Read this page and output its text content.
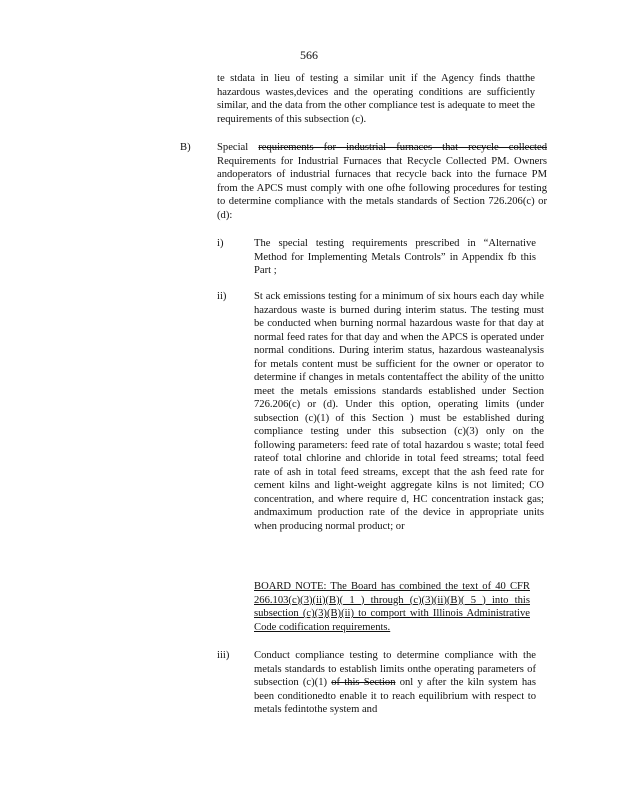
566
te stdata in lieu of testing a similar unit if the Agency finds thatthe hazardous wastes,devices and the operating conditions are sufficiently similar, and the data from the other compliance test is adequate to meet the requirements of this subsection (c).
B) Special requirements for industrial furnaces that recycle collected Requirements for Industrial Furnaces that Recycle Collected PM. Owners andoperators of industrial furnaces that recycle back into the furnace PM from the APCS must comply with one ofhe following procedures for testing to determine compliance with the metals standards of Section 726.206(c) or (d):
i)	The special testing requirements prescribed in “Alternative Method for Implementing Metals Controls” in Appendix fb this Part ;
ii)	St ack emissions testing for a minimum of six hours each day while hazardous waste is burned during interim status. The testing must be conducted when burning normal hazardous waste for that day at normal feed rates for that day and when the APCS is operated under normal conditions. During interim status, hazardous wasteanalysis for metals content must be sufficient for the owner or operator to determine if changes in metals contentaffect the ability of the unitto meet the metals emissions standards established under Section 726.206(c) or (d). Under this option, operating limits (under subsection (c)(1) of this Section ) must be established during compliance testing under this subsection (c)(3) only on the following parameters: feed rate of total hazardou s waste; total feed rateof total chlorine and chloride in total feed streams; total feed rate of ash in total feed streams, except that the ash feed rate for cement kilns and light-weight aggregate kilns is not limited; CO concentration, and where require d, HC concentration instack gas; andmaximum production rate of the device in appropriate units when producing normal product; or
BOARD NOTE: The Board has combined the text of 40 CFR 266.103(c)(3)(ii)(B)( 1 ) through (c)(3)(ii)(B)( 5 ) into this subsection (c)(3)(B)(ii) to comport with Illinois Administrative Code codification requirements.
iii) Conduct compliance testing to determine compliance with the metals standards to establish limits onthe operating parameters of subsection (c)(1) of this Section onl y after the kiln system has been conditionedto enable it to reach equilibrium with respect to metals fedintothe system and
